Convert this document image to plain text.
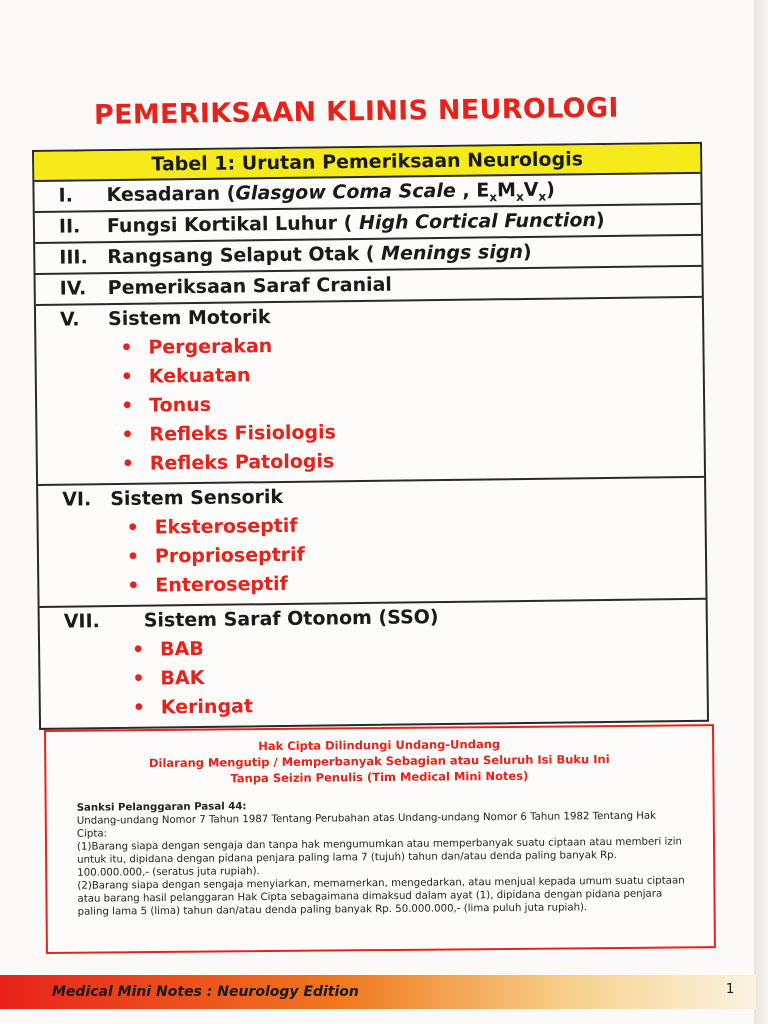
PEMERIKSAAN KLINIS NEUROLOGI
Tabel 1: Urutan Pemeriksaan Neurologis
I. Kesadaran (Glasgow Coma Scale , $E_xM_xV_x$)
II. Fungsi Kortikal Luhur ( High Cortical Function)
III. Rangsang Selaput Otak ( Menings sign)
IV. Pemeriksaan Saraf Cranial
V. Sistem Motorik
• Pergerakan
• Kekuatan
• Tonus
• Refleks Fisiologis
• Refleks Patologis
VI. Sistem Sensorik
• Eksteroseptif
• Proprioseptrif
• Enteroseptif
VII. Sistem Saraf Otonom (SSO)
• BAB
• BAK
• Keringat
Hak Cipta Dilindungi Undang-Undang
Dilarang Mengutip / Memperbanyak Sebagian atau Seluruh Isi Buku Ini
Tanpa Seizin Penulis (Tim Medical Mini Notes)
Sanksi Pelanggaran Pasal 44:
Undang-undang Nomor 7 Tahun 1987 Tentang Perubahan atas Undang-undang Nomor 6 Tahun 1982 Tentang Hak Cipta:
(1)Barang siapa dengan sengaja dan tanpa hak mengumumkan atau memperbanyak suatu ciptaan atau memberi izin untuk itu, dipidana dengan pidana penjara paling lama 7 (tujuh) tahun dan/atau denda paling banyak Rp. 100.000.000,- (seratus juta rupiah).
(2)Barang siapa dengan sengaja menyiarkan, memamerkan, mengedarkan, atau menjual kepada umum suatu ciptaan atau barang hasil pelanggaran Hak Cipta sebagaimana dimaksud dalam ayat (1), dipidana dengan pidana penjara paling lama 5 (lima) tahun dan/atau denda paling banyak Rp. 50.000.000,- (lima puluh juta rupiah).
Medical Mini Notes : Neurology Edition	1
